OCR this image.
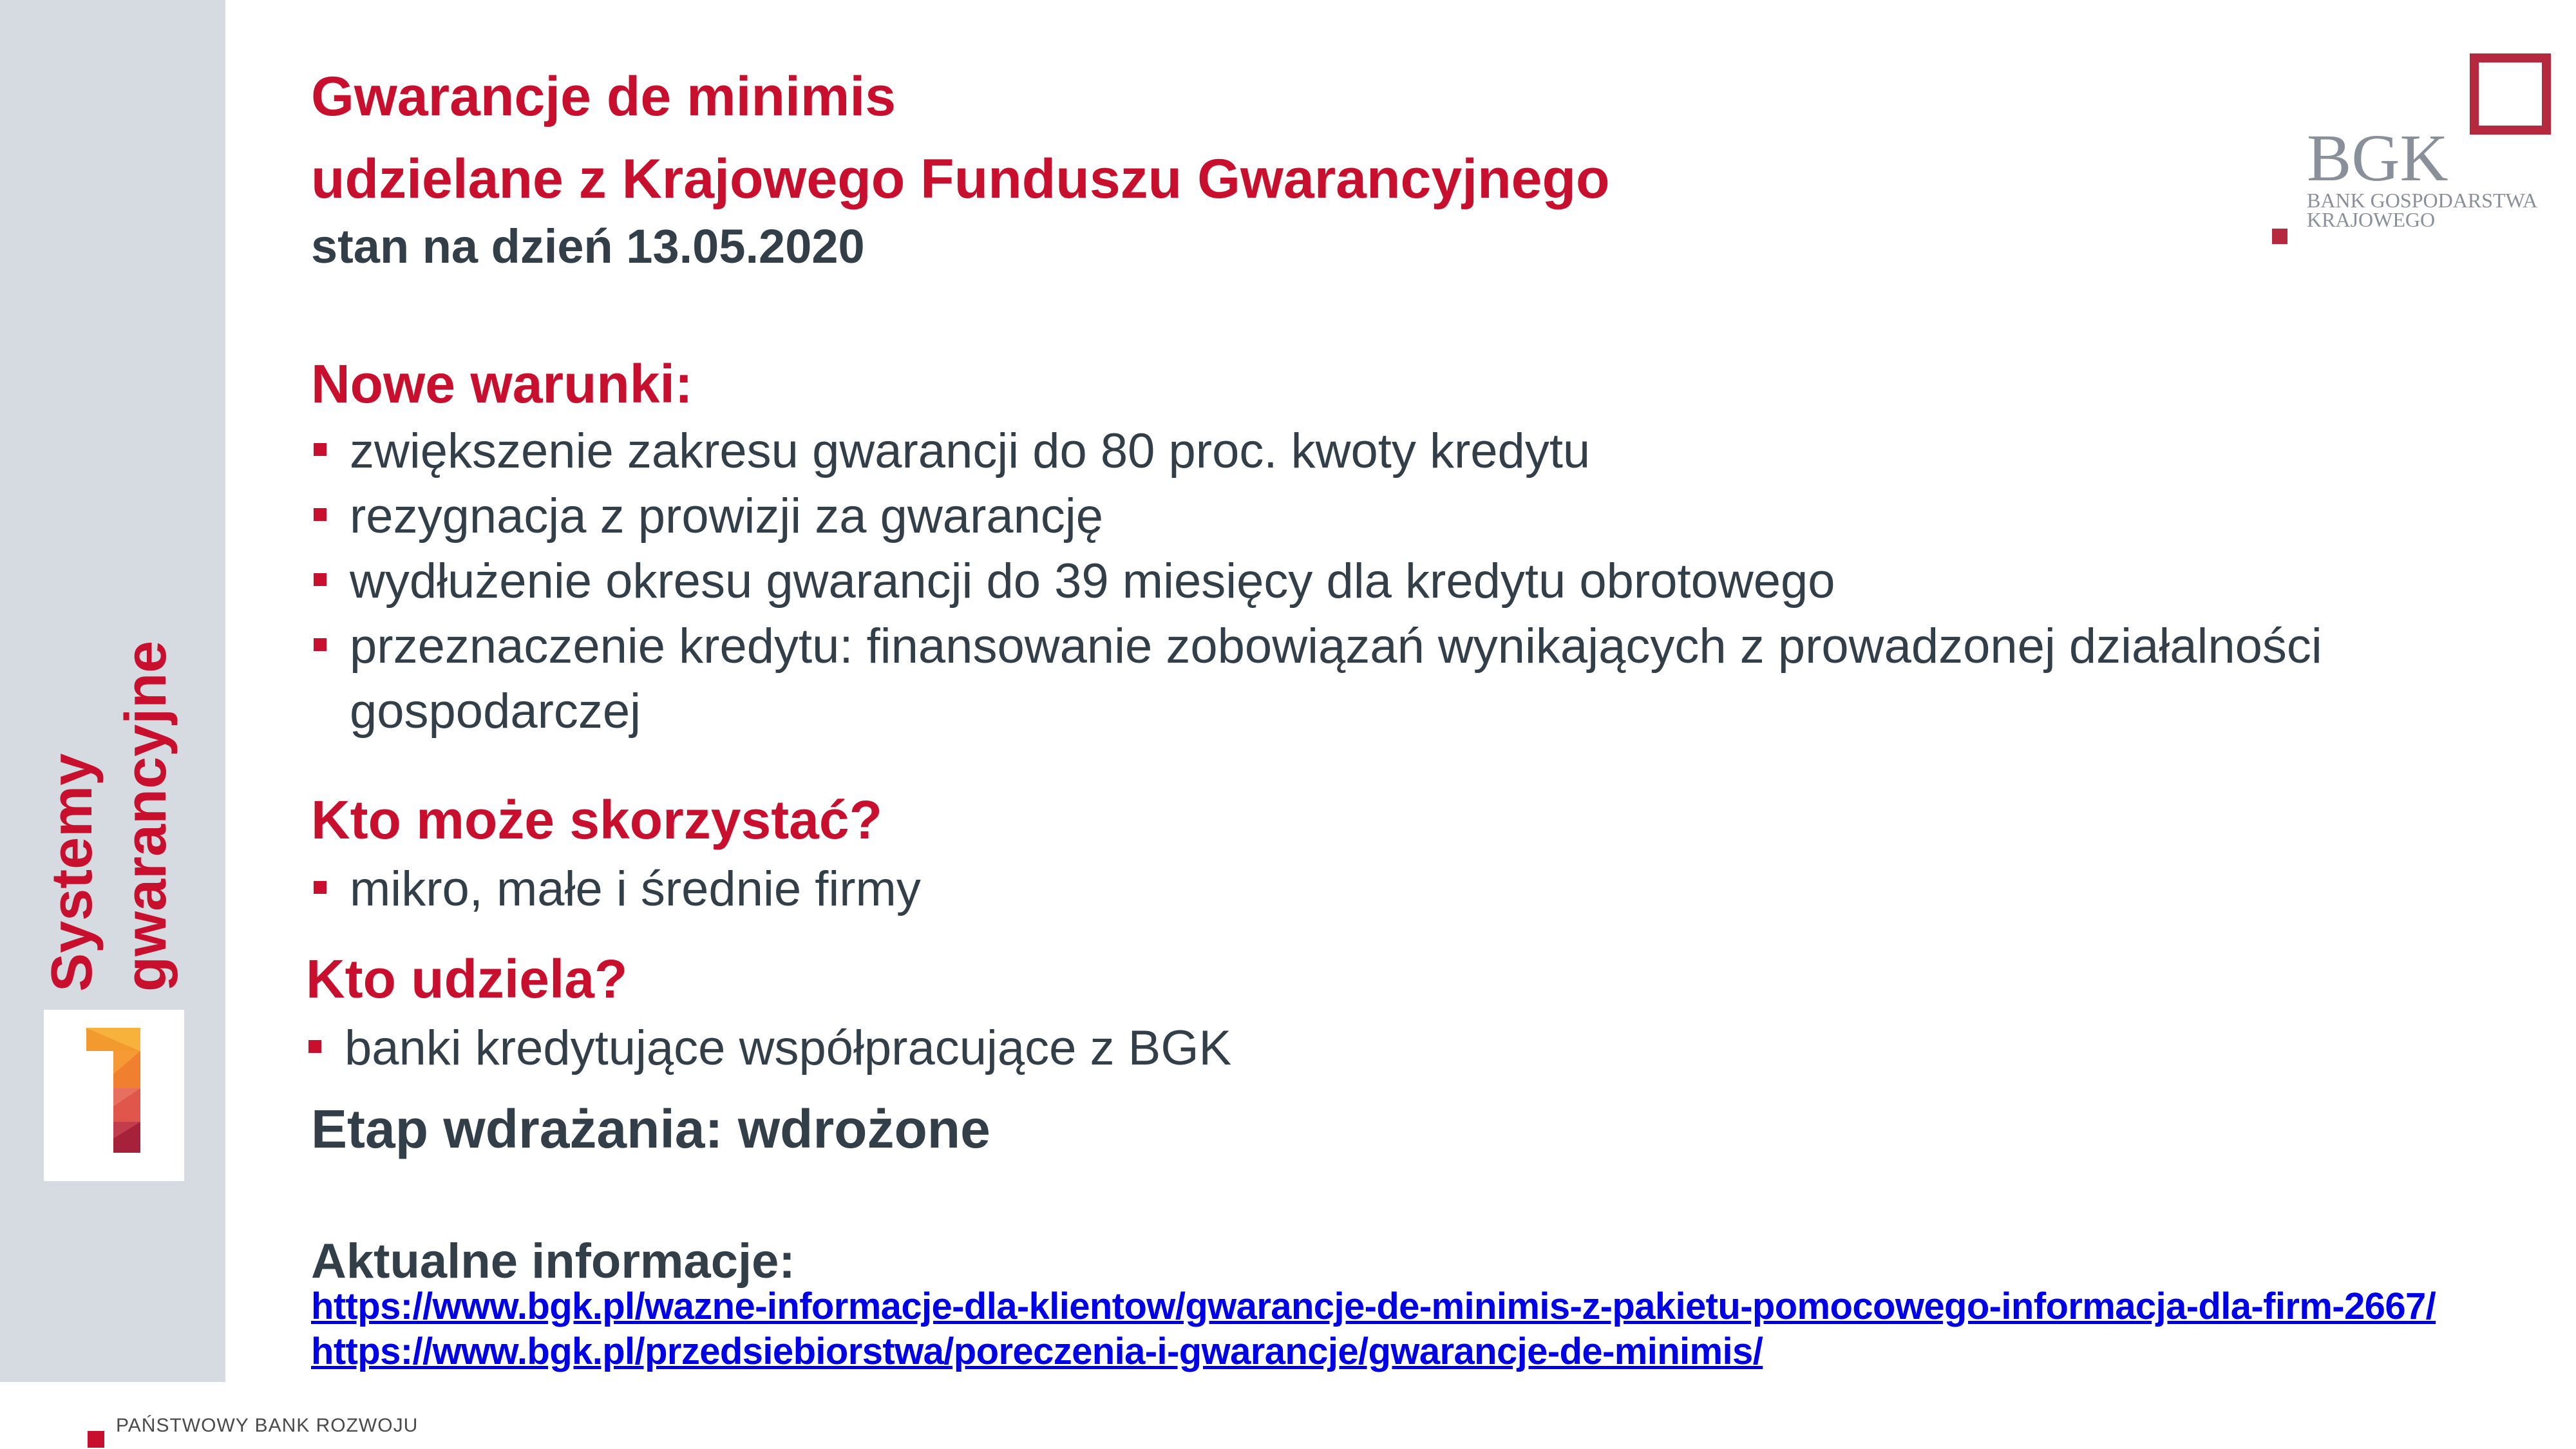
Systemy gwarancyjne
Gwarancje de minimis
udzielane z Krajowego Funduszu Gwarancyjnego
stan na dzień 13.05.2020
BGK
BANK GOSPODARSTWA
KRAJOWEGO
Nowe warunki:
zwiększenie zakresu gwarancji do 80 proc. kwoty kredytu
rezygnacja z prowizji za gwarancję
wydłużenie okresu gwarancji do 39 miesięcy dla kredytu obrotowego
przeznaczenie kredytu: finansowanie zobowiązań wynikających z prowadzonej działalności gospodarczej
Kto może skorzystać?
mikro, małe i średnie firmy
Kto udziela?
banki kredytujące współpracujące z BGK
Etap wdrażania: wdrożone
Aktualne informacje:
https://www.bgk.pl/wazne-informacje-dla-klientow/gwarancje-de-minimis-z-pakietu-pomocowego-informacja-dla-firm-2667/
https://www.bgk.pl/przedsiebiorstwa/poreczenia-i-gwarancje/gwarancje-de-minimis/
PAŃSTWOWY BANK ROZWOJU
